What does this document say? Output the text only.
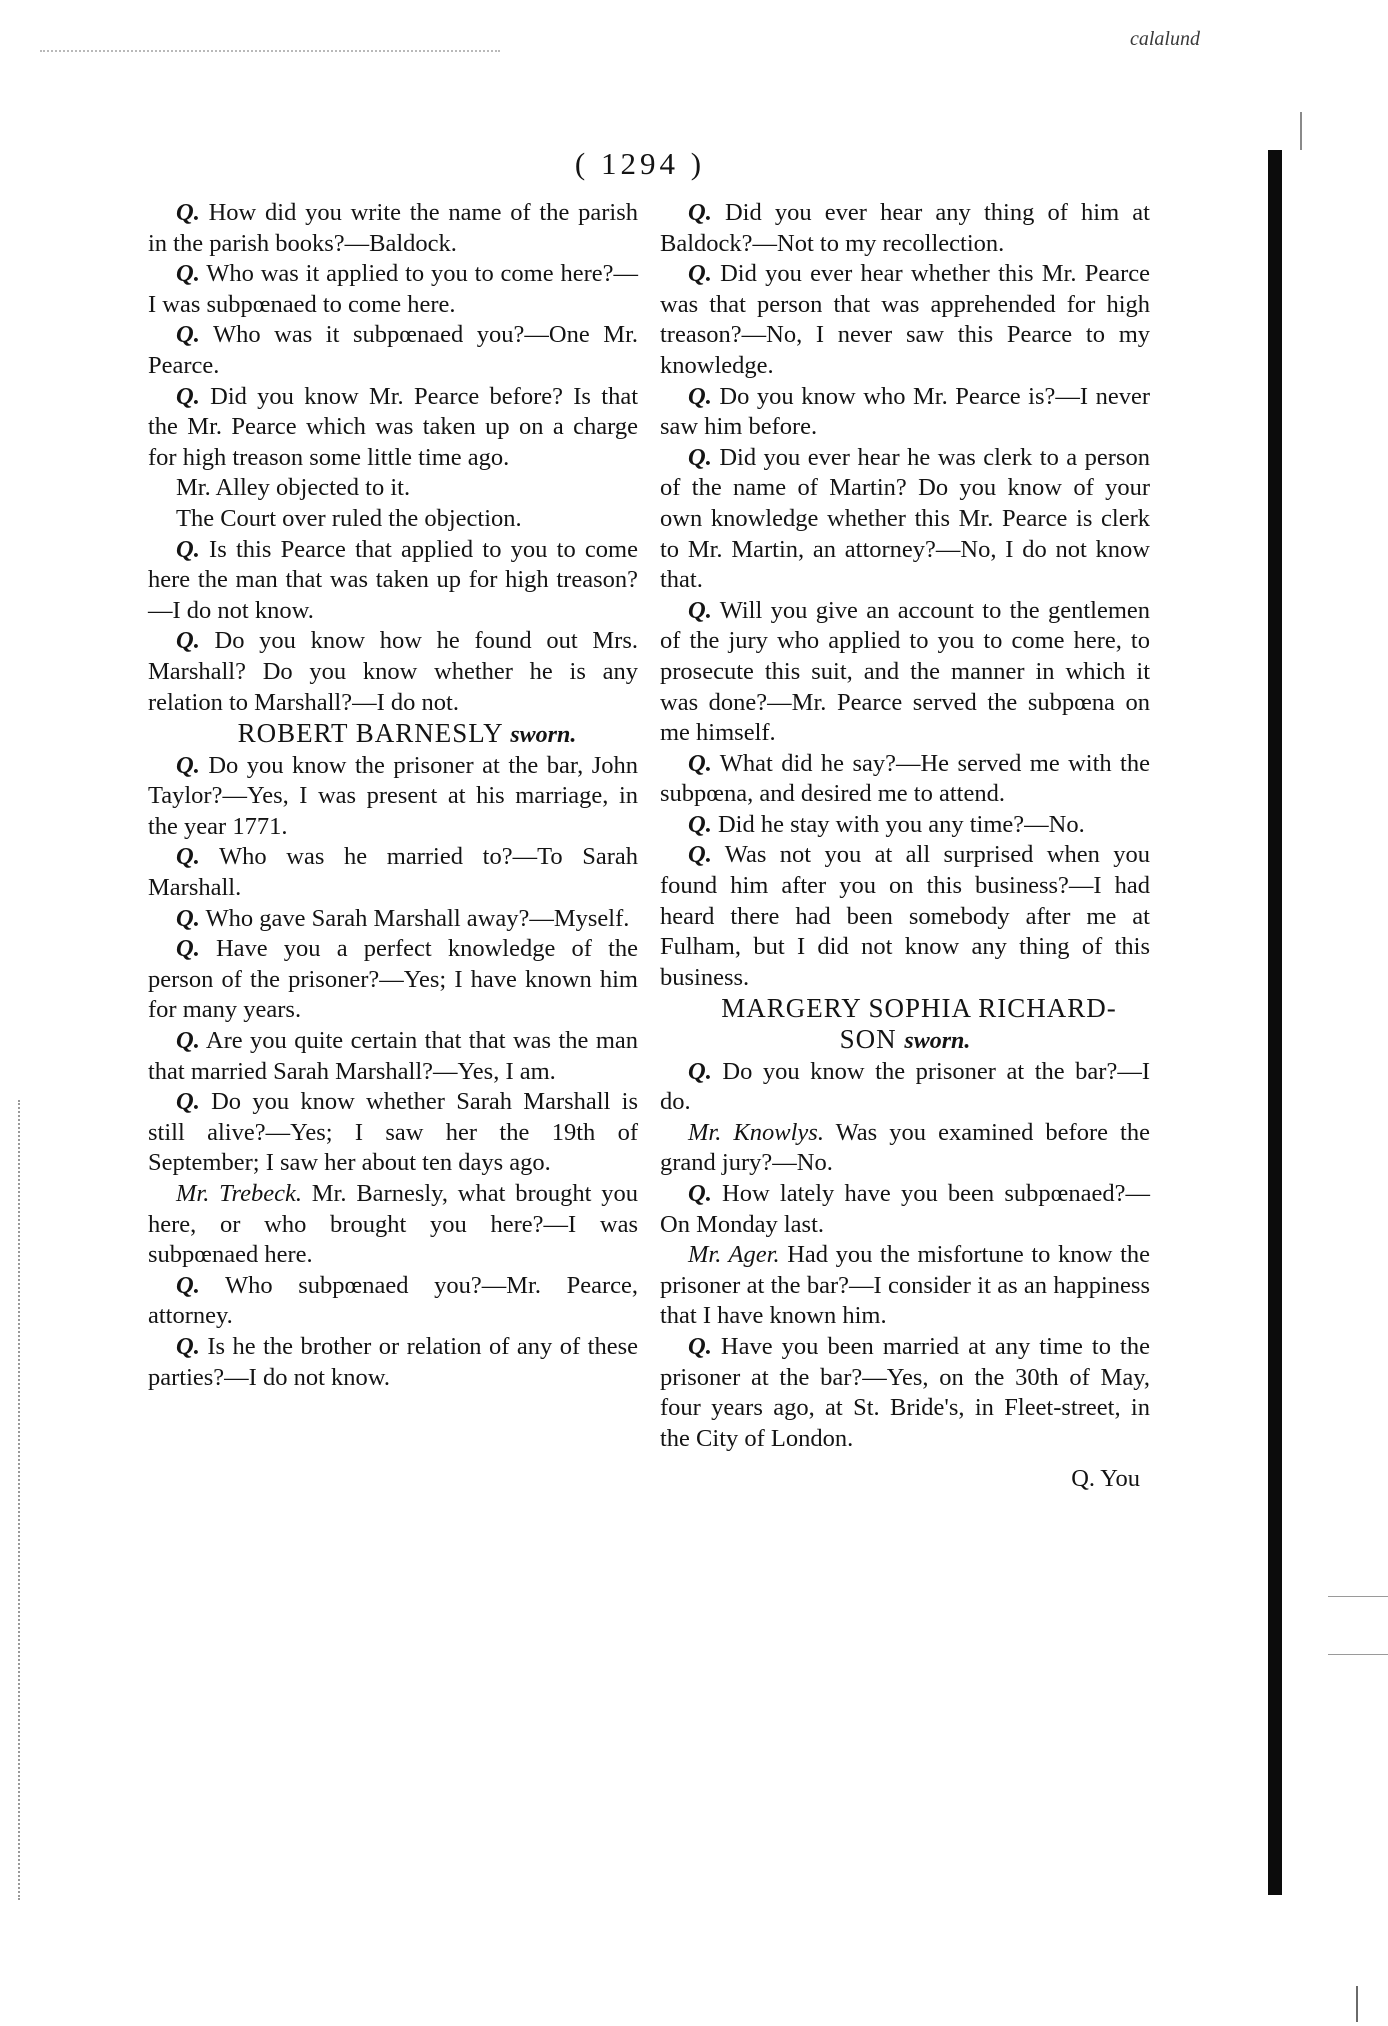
calalund
( 1294 )

Q. How did you write the name of the parish in the parish books?—Baldock.

Q. Who was it applied to you to come here?—I was subpœnaed to come here.

Q. Who was it subpœnaed you?—One Mr. Pearce.

Q. Did you know Mr. Pearce before? Is that the Mr. Pearce which was taken up on a charge for high treason some little time ago.

Mr. Alley objected to it.

The Court over ruled the objection.

Q. Is this Pearce that applied to you to come here the man that was taken up for high treason?—I do not know.

Q. Do you know how he found out Mrs. Marshall? Do you know whether he is any relation to Marshall?—I do not.

ROBERT BARNESLY sworn.

Q. Do you know the prisoner at the bar, John Taylor?—Yes, I was present at his marriage, in the year 1771.

Q. Who was he married to?—To Sarah Marshall.

Q. Who gave Sarah Marshall away?—Myself.

Q. Have you a perfect knowledge of the person of the prisoner?—Yes; I have known him for many years.

Q. Are you quite certain that that was the man that married Sarah Marshall?—Yes, I am.

Q. Do you know whether Sarah Marshall is still alive?—Yes; I saw her the 19th of September; I saw her about ten days ago.

Mr. Trebeck. Mr. Barnesly, what brought you here, or who brought you here?—I was subpœnaed here.

Q. Who subpœnaed you?—Mr. Pearce, attorney.

Q. Is he the brother or relation of any of these parties?—I do not know.

Q. Did you ever hear any thing of him at Baldock?—Not to my recollection.

Q. Did you ever hear whether this Mr. Pearce was that person that was apprehended for high treason?—No, I never saw this Pearce to my knowledge.

Q. Do you know who Mr. Pearce is?—I never saw him before.

Q. Did you ever hear he was clerk to a person of the name of Martin? Do you know of your own knowledge whether this Mr. Pearce is clerk to Mr. Martin, an attorney?—No, I do not know that.

Q. Will you give an account to the gentlemen of the jury who applied to you to come here, to prosecute this suit, and the manner in which it was done?—Mr. Pearce served the subpœna on me himself.

Q. What did he say?—He served me with the subpœna, and desired me to attend.

Q. Did he stay with you any time?—No.

Q. Was not you at all surprised when you found him after you on this business?—I had heard there had been somebody after me at Fulham, but I did not know any thing of this business.

MARGERY SOPHIA RICHARD-
SON sworn.

Q. Do you know the prisoner at the bar?—I do.

Mr. Knowlys. Was you examined before the grand jury?—No.

Q. How lately have you been subpœnaed?—On Monday last.

Mr. Ager. Had you the misfortune to know the prisoner at the bar?—I consider it as an happiness that I have known him.

Q. Have you been married at any time to the prisoner at the bar?—Yes, on the 30th of May, four years ago, at St. Bride's, in Fleet-street, in the City of London.

Q. You
